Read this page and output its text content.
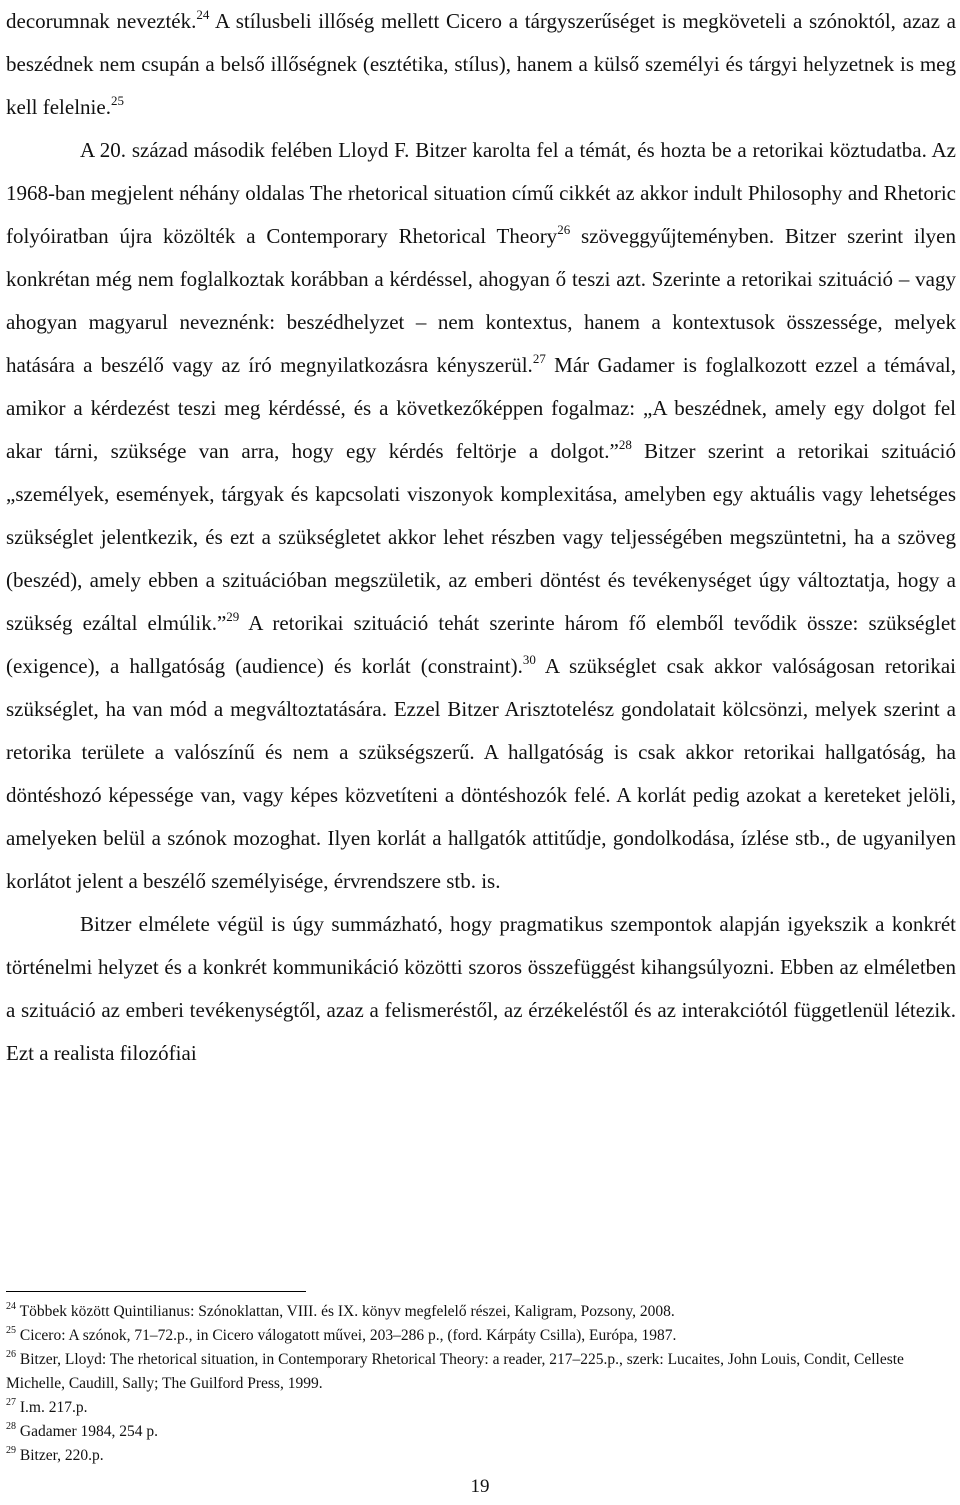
decorumnak nevezték.$^{24}$ A stílusbeli illőség mellett Cicero a tárgyszerűséget is megköveteli a szónoktól, azaz a beszédnek nem csupán a belső illőségnek (esztétika, stílus), hanem a külső személyi és tárgyi helyzetnek is meg kell felelnie.$^{25}$

A 20. század második felében Lloyd F. Bitzer karolta fel a témát, és hozta be a retorikai köztudatba. Az 1968-ban megjelent néhány oldalas The rhetorical situation című cikkét az akkor indult Philosophy and Rhetoric folyóiratban újra közölték a Contemporary Rhetorical Theory$^{26}$ szöveggyűjteményben. Bitzer szerint ilyen konkrétan még nem foglalkoztak korábban a kérdéssel, ahogyan ő teszi azt. Szerinte a retorikai szituáció – vagy ahogyan magyarul neveznénk: beszédhelyzet – nem kontextus, hanem a kontextusok összessége, melyek hatására a beszélő vagy az író megnyilatkozásra kényszerül.$^{27}$ Már Gadamer is foglalkozott ezzel a témával, amikor a kérdezést teszi meg kérdéssé, és a következőképpen fogalmaz: „A beszédnek, amely egy dolgot fel akar tárni, szüksége van arra, hogy egy kérdés feltörje a dolgot.”$^{28}$ Bitzer szerint a retorikai szituáció „személyek, események, tárgyak és kapcsolati viszonyok komplexitása, amelyben egy aktuális vagy lehetséges szükséglet jelentkezik, és ezt a szükségletet akkor lehet részben vagy teljességében megszüntetni, ha a szöveg (beszéd), amely ebben a szituációban megszületik, az emberi döntést és tevékenységet úgy változtatja, hogy a szükség ezáltal elmúlik.”$^{29}$ A retorikai szituáció tehát szerinte három fő elemből tevődik össze: szükséglet (exigence), a hallgatóság (audience) és korlát (constraint).$^{30}$ A szükséglet csak akkor valóságosan retorikai szükséglet, ha van mód a megváltoztatására. Ezzel Bitzer Arisztotelész gondolatait kölcsönzi, melyek szerint a retorika területe a valószínű és nem a szükségszerű. A hallgatóság is csak akkor retorikai hallgatóság, ha döntéshozó képessége van, vagy képes közvetíteni a döntéshozók felé. A korlát pedig azokat a kereteket jelöli, amelyeken belül a szónok mozoghat. Ilyen korlát a hallgatók attitűdje, gondolkodása, ízlése stb., de ugyanilyen korlátot jelent a beszélő személyisége, érvrendszere stb. is.

Bitzer elmélete végül is úgy summázható, hogy pragmatikus szempontok alapján igyekszik a konkrét történelmi helyzet és a konkrét kommunikáció közötti szoros összefüggést kihangsúlyozni. Ebben az elméletben a szituáció az emberi tevékenységtől, azaz a felismeréstől, az érzékeléstől és az interakciótól függetlenül létezik. Ezt a realista filozófiai

$^{24}$ Többek között Quintilianus: Szónoklattan, VIII. és IX. könyv megfelelő részei, Kaligram, Pozsony, 2008.
$^{25}$ Cicero: A szónok, 71–72.p., in Cicero válogatott művei, 203–286 p., (ford. Kárpáty Csilla), Európa, 1987.
$^{26}$ Bitzer, Lloyd: The rhetorical situation, in Contemporary Rhetorical Theory: a reader, 217–225.p., szerk: Lucaites, John Louis, Condit, Celleste Michelle, Caudill, Sally; The Guilford Press, 1999.
$^{27}$ I.m. 217.p.
$^{28}$ Gadamer 1984, 254 p.
$^{29}$ Bitzer, 220.p.
19
